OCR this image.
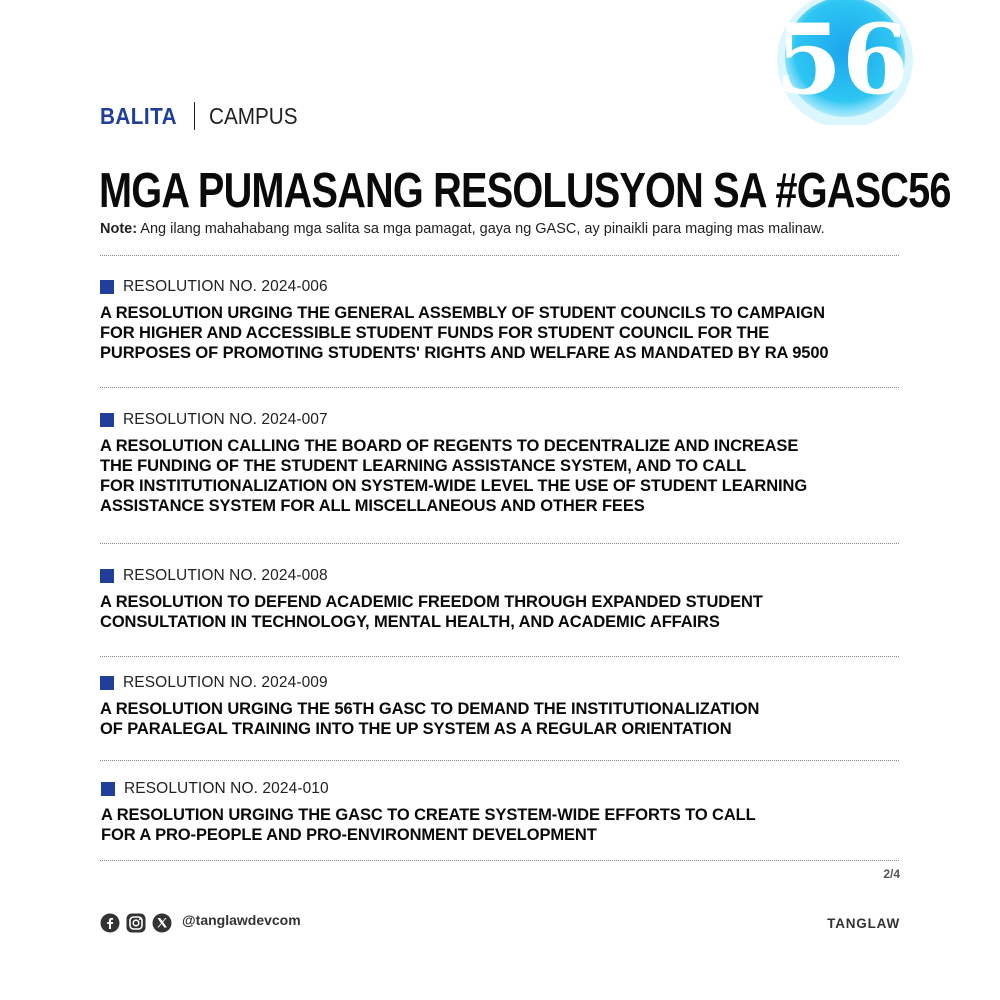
56
BALITA CAMPUS
MGA PUMASANG RESOLUSYON SA #GASC56
Note: Ang ilang mahahabang mga salita sa mga pamagat, gaya ng GASC, ay pinaikli para maging mas malinaw.
RESOLUTION NO. 2024-006
A RESOLUTION URGING THE GENERAL ASSEMBLY OF STUDENT COUNCILS TO CAMPAIGN
FOR HIGHER AND ACCESSIBLE STUDENT FUNDS FOR STUDENT COUNCIL FOR THE
PURPOSES OF PROMOTING STUDENTS' RIGHTS AND WELFARE AS MANDATED BY RA 9500
RESOLUTION NO. 2024-007
A RESOLUTION CALLING THE BOARD OF REGENTS TO DECENTRALIZE AND INCREASE
THE FUNDING OF THE STUDENT LEARNING ASSISTANCE SYSTEM, AND TO CALL
FOR INSTITUTIONALIZATION ON SYSTEM-WIDE LEVEL THE USE OF STUDENT LEARNING
ASSISTANCE SYSTEM FOR ALL MISCELLANEOUS AND OTHER FEES
RESOLUTION NO. 2024-008
A RESOLUTION TO DEFEND ACADEMIC FREEDOM THROUGH EXPANDED STUDENT
CONSULTATION IN TECHNOLOGY, MENTAL HEALTH, AND ACADEMIC AFFAIRS
RESOLUTION NO. 2024-009
A RESOLUTION URGING THE 56TH GASC TO DEMAND THE INSTITUTIONALIZATION
OF PARALEGAL TRAINING INTO THE UP SYSTEM AS A REGULAR ORIENTATION
RESOLUTION NO. 2024-010
A RESOLUTION URGING THE GASC TO CREATE SYSTEM-WIDE EFFORTS TO CALL
FOR A PRO-PEOPLE AND PRO-ENVIRONMENT DEVELOPMENT
2/4
@tanglawdevcom	TANGLAW
